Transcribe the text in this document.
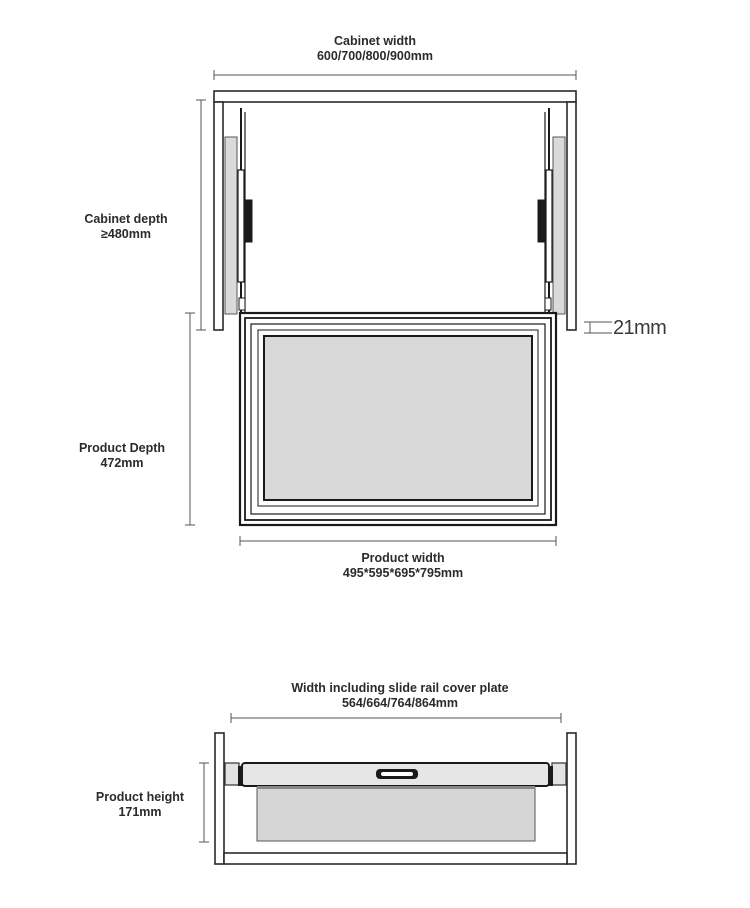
Cabinet width
600/700/800/900mm
Cabinet depth
≥480mm
21mm
Product Depth
472mm
Product width
495*595*695*795mm
Width including slide rail cover plate
564/664/764/864mm
Product height
171mm
